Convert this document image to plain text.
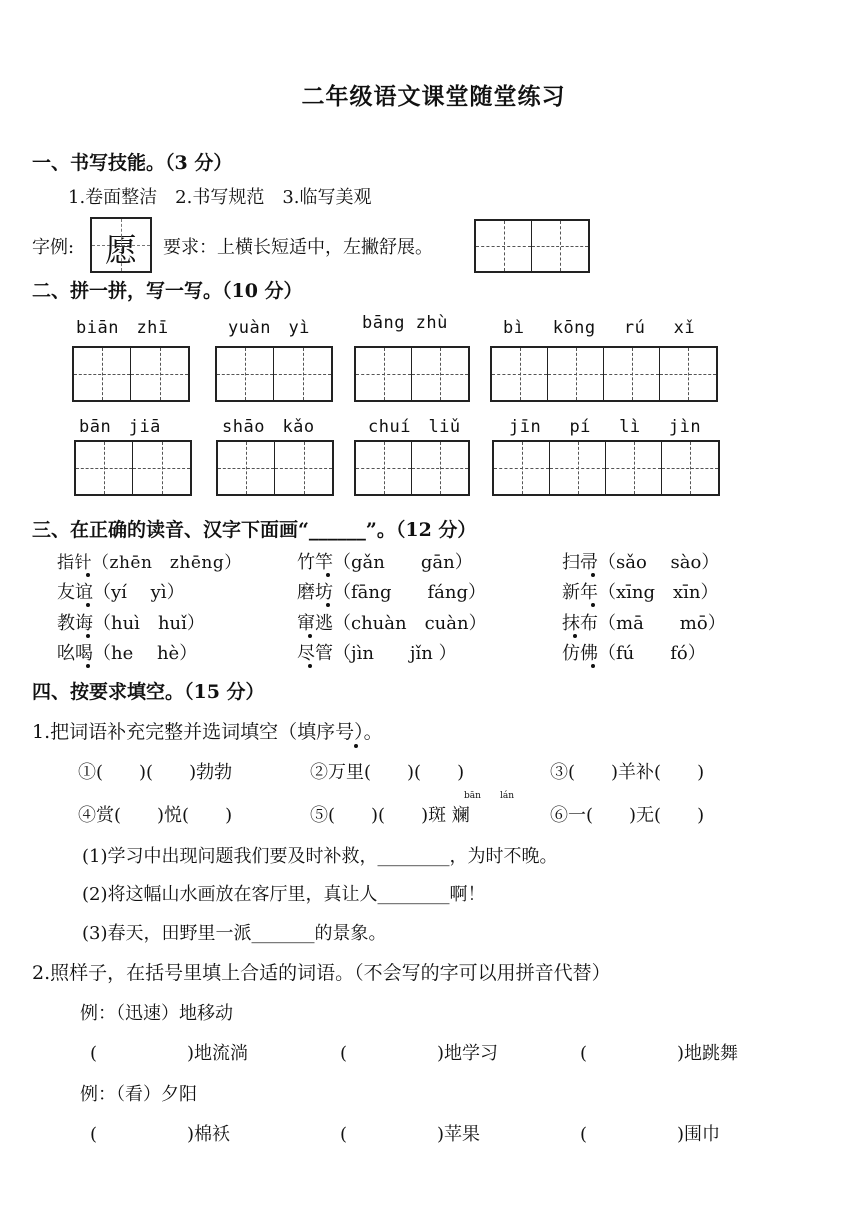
二年级语文课堂随堂练习
一、书写技能。（3 分）
1.卷面整洁　2.书写规范　3.临写美观
字例: 愿	要求：上横长短适中，左撇舒展。
二、拼一拼，写一写。（10 分）
biān　zhī	yuàn　yì	bāng zhù	bì　 kōng　 rú　 xǐ
bān　jiā	shāo　kǎo	chuí　liǔ	jīn　 pí　 lì　 jìn
三、在正确的读音、汉字下面画“______”。（12 分）
指针（zhēn　zhēng）	竹竿（gǎn　　gān）	扫帚（sǎo　 sào）
友谊（yí　 yì）	磨坊（fāng　　fáng）	新年（xīng　xīn）
教诲（huì　huǐ）	窜逃（chuàn　cuàn）	抹布（mā　　mō）
吆喝（he　 hè）	尽管（jìn　　jǐn ）	仿佛（fú　　fó）
四、按要求填空。（15 分）
1.把词语补充完整并选词填空（填序号）。
①(　　)(　　)勃勃	②万里(　　)(　　)	③(　　)羊补(　　)
bān lán
④赏(　　)悦(　　)	⑤(　　)(　　)斑 斓	⑥一(　　)无(　　)
(1)学习中出现问题我们要及时补救，________，为时不晚。
(2)将这幅山水画放在客厅里，真让人________啊！
(3)春天，田野里一派_______的景象。
2.照样子，在括号里填上合适的词语。（不会写的字可以用拼音代替）
例：（迅速）地移动
(　　　　　)地流淌	(　　　　　)地学习	(　　　　　)地跳舞
例：（看）夕阳
(　　　　　)棉袄	(　　　　　)苹果	(　　　　　)围巾
